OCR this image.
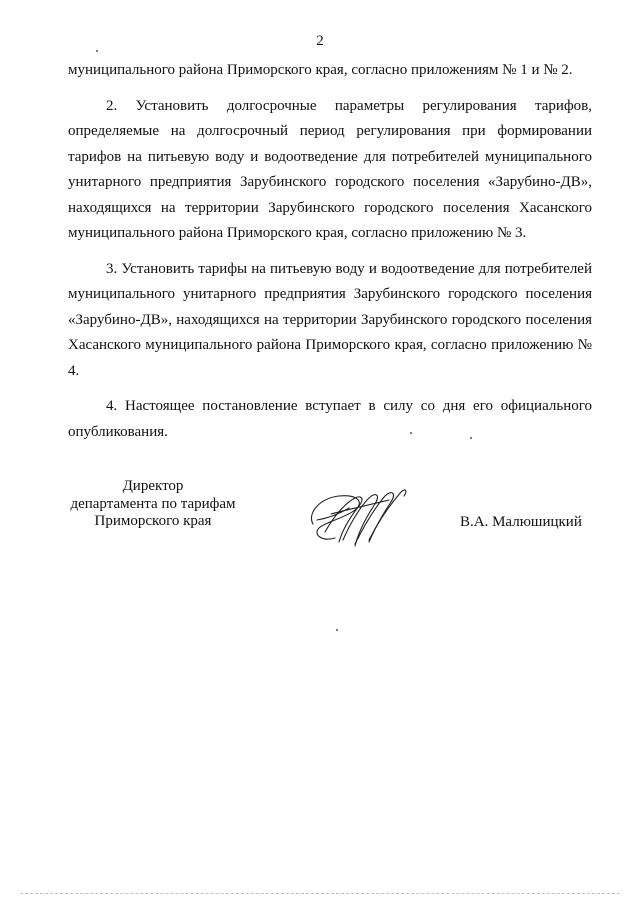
2

муниципального района Приморского края, согласно приложениям № 1 и № 2.

2. Установить долгосрочные параметры регулирования тарифов, определяемые на долгосрочный период регулирования при формировании тарифов на питьевую воду и водоотведение для потребителей муниципального унитарного предприятия Зарубинского городского поселения «Зарубино-ДВ», находящихся на территории Зарубинского городского поселения Хасанского муниципального района Приморского края, согласно приложению № 3.

3. Установить тарифы на питьевую воду и водоотведение для потребителей муниципального унитарного предприятия Зарубинского городского поселения «Зарубино-ДВ», находящихся на территории Зарубинского городского поселения Хасанского муниципального района Приморского края, согласно приложению № 4.

4. Настоящее постановление вступает в силу со дня его официального опубликования.

Директор
департамента по тарифам
Приморского края	В.А. Малюшицкий
